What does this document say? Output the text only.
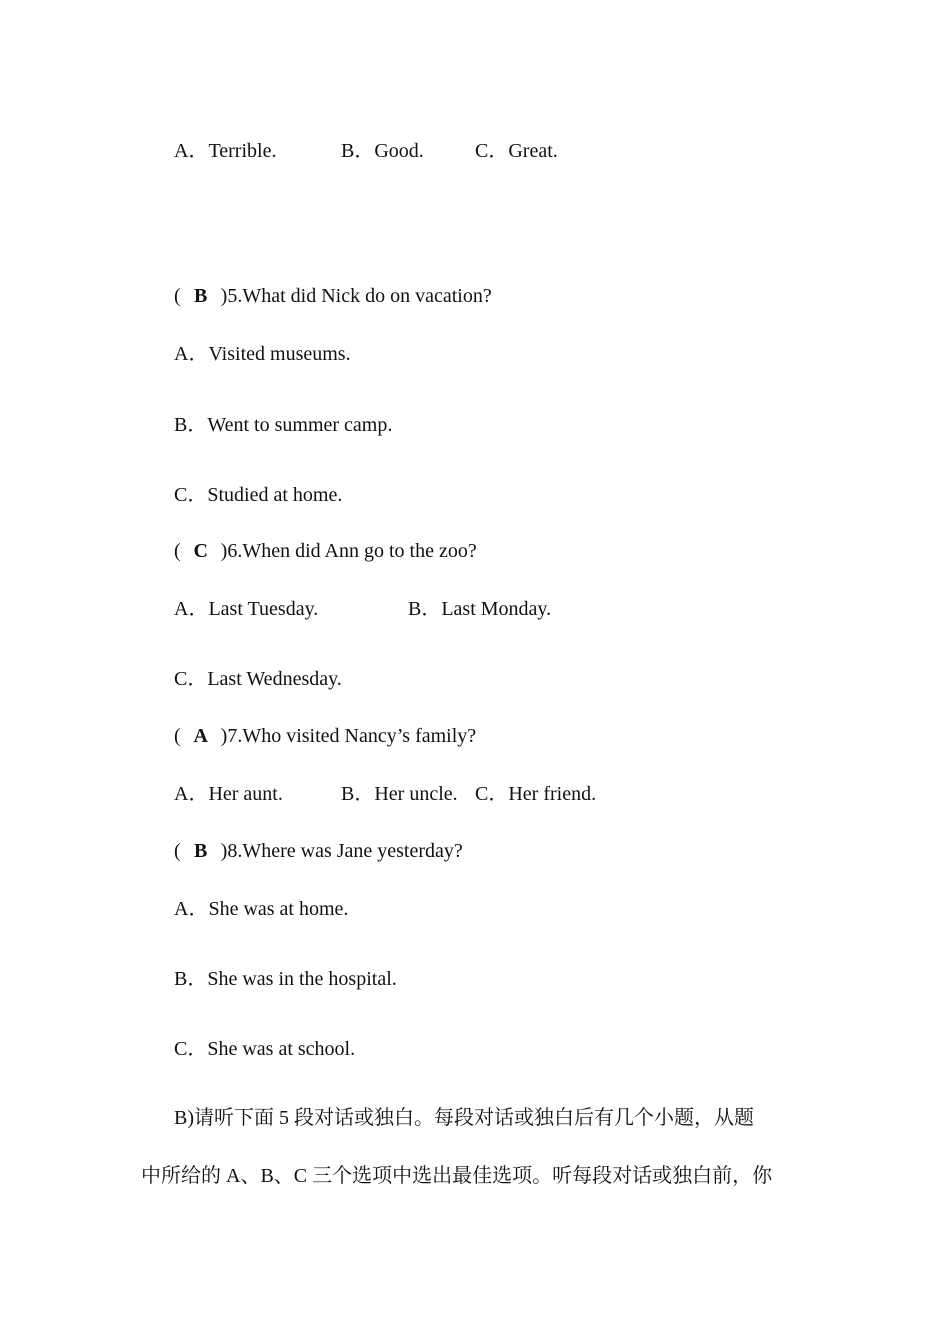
A．Terrible.	B．Good.	C．Great.
( B )5.What did Nick do on vacation?
A．Visited museums.
B．Went to summer camp.
C．Studied at home.
( C )6.When did Ann go to the zoo?
A．Last Tuesday.	B．Last Monday.
C．Last Wednesday.
( A )7.Who visited Nancy’s family?
A．Her aunt.	B．Her uncle. C．Her friend.
( B )8.Where was Jane yesterday?
A．She was at home.
B．She was in the hospital.
C．She was at school.
B)请听下面 5 段对话或独白。每段对话或独白后有几个小题，从题
中所给的 A、B、C 三个选项中选出最佳选项。听每段对话或独白前，你
